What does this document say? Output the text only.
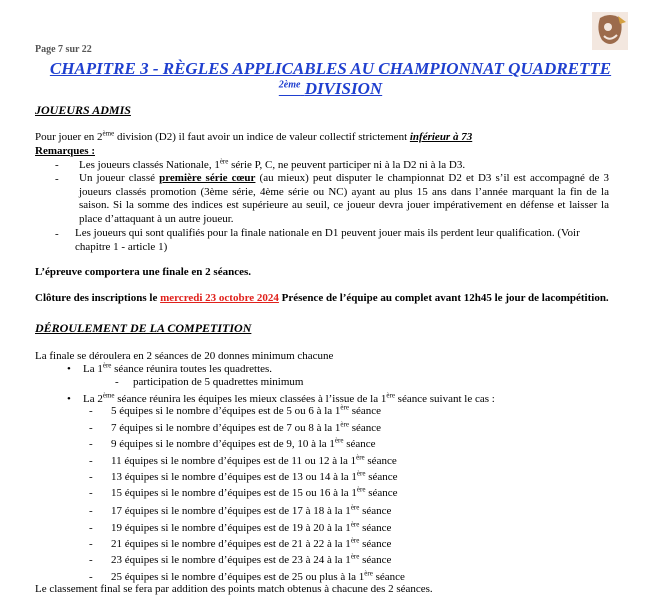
Page 7 sur 22
CHAPITRE 3 - RÈGLES APPLICABLES AU CHAMPIONNAT QUADRETTE
$^{2ème}$ DIVISION
JOUEURS ADMIS
Pour jouer en 2ème division (D2) il faut avoir un indice de valeur collectif strictement inférieur à 73
Remarques :
- Les joueurs classés Nationale, 1ère série P, C, ne peuvent participer ni à la D2 ni à la D3.
- Un joueur classé première série cœur (au mieux) peut disputer le championnat D2 et D3 s’il est accompagné de 3 joueurs classés promotion (3ème série, 4ème série ou NC) ayant au plus 15 ans dans l’année marquant la fin de la saison. Si la somme des indices est supérieure au seuil, ce joueur devra jouer impérativement en défense et laisser la place d’attaquant à un autre joueur.
- Les joueurs qui sont qualifiés pour la finale nationale en D1 peuvent jouer mais ils perdent leur qualification. (Voir chapitre 1 - article 1)
L’épreuve comportera une finale en 2 séances.
Clôture des inscriptions le mercredi 23 octobre 2024 Présence de l’équipe au complet avant 12h45 le jour de lacompétition.
DÉROULEMENT DE LA COMPETITION
La finale se déroulera en 2 séances de 20 donnes minimum chacune
• La 1ère séance réunira toutes les quadrettes.
- participation de 5 quadrettes minimum
• La 2ème séance réunira les équipes les mieux classées à l’issue de la 1ère séance suivant le cas :
- 5 équipes si le nombre d’équipes est de 5 ou 6 à la 1ère séance
- 7 équipes si le nombre d’équipes est de 7 ou 8 à la 1ère séance
- 9 équipes si le nombre d’équipes est de 9, 10 à la 1ère séance
- 11 équipes si le nombre d’équipes est de 11 ou 12 à la 1ère séance
- 13 équipes si le nombre d’équipes est de 13 ou 14 à la 1ère séance
- 15 équipes si le nombre d’équipes est de 15 ou 16 à la 1ère séance
- 17 équipes si le nombre d’équipes est de 17 à 18 à la 1ère séance
- 19 équipes si le nombre d’équipes est de 19 à 20 à la 1ère séance
- 21 équipes si le nombre d’équipes est de 21 à 22 à la 1ère séance
- 23 équipes si le nombre d’équipes est de 23 à 24 à la 1ère séance
- 25 équipes si le nombre d’équipes est de 25 ou plus à la 1ère séance
Le classement final se fera par addition des points match obtenus à chacune des 2 séances.
